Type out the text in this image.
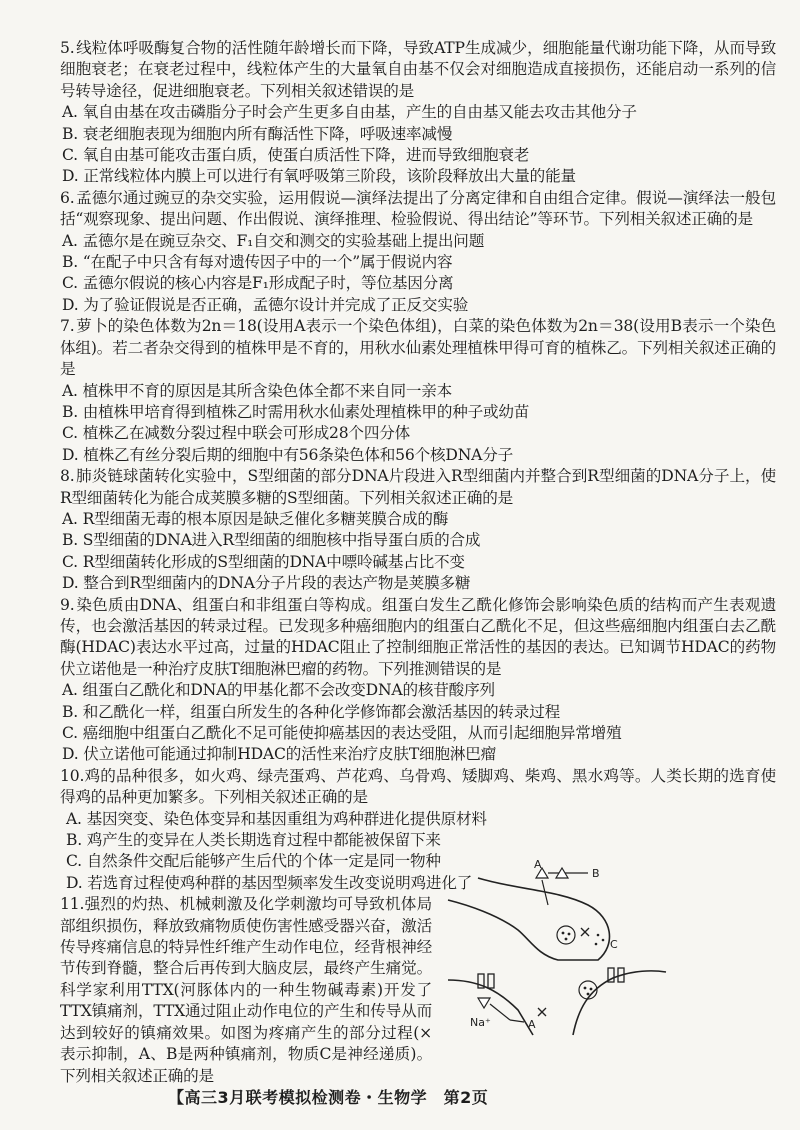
5.线粒体呼吸酶复合物的活性随年龄增长而下降，导致ATP生成减少，细胞能量代谢功能下降，从而导致细胞衰老；在衰老过程中，线粒体产生的大量氧自由基不仅会对细胞造成直接损伤，还能启动一系列的信号转导途径，促进细胞衰老。下列相关叙述错误的是

A. 氧自由基在攻击磷脂分子时会产生更多自由基，产生的自由基又能去攻击其他分子

B. 衰老细胞表现为细胞内所有酶活性下降，呼吸速率减慢

C. 氧自由基可能攻击蛋白质，使蛋白质活性下降，进而导致细胞衰老

D. 正常线粒体内膜上可以进行有氧呼吸第三阶段，该阶段释放出大量的能量

6.孟德尔通过豌豆的杂交实验，运用假说—演绎法提出了分离定律和自由组合定律。假说—演绎法一般包括“观察现象、提出问题、作出假说、演绎推理、检验假说、得出结论”等环节。下列相关叙述正确的是

A. 孟德尔是在豌豆杂交、F₁自交和测交的实验基础上提出问题

B. “在配子中只含有每对遗传因子中的一个”属于假说内容

C. 孟德尔假说的核心内容是F₁形成配子时，等位基因分离

D. 为了验证假说是否正确，孟德尔设计并完成了正反交实验

7.萝卜的染色体数为2n＝18(设用A表示一个染色体组)，白菜的染色体数为2n＝38(设用B表示一个染色体组)。若二者杂交得到的植株甲是不育的，用秋水仙素处理植株甲得可育的植株乙。下列相关叙述正确的是

A. 植株甲不育的原因是其所含染色体全都不来自同一亲本

B. 由植株甲培育得到植株乙时需用秋水仙素处理植株甲的种子或幼苗

C. 植株乙在减数分裂过程中联会可形成28个四分体

D. 植株乙有丝分裂后期的细胞中有56条染色体和56个核DNA分子

8.肺炎链球菌转化实验中，S型细菌的部分DNA片段进入R型细菌内并整合到R型细菌的DNA分子上，使R型细菌转化为能合成荚膜多糖的S型细菌。下列相关叙述正确的是

A. R型细菌无毒的根本原因是缺乏催化多糖荚膜合成的酶

B. S型细菌的DNA进入R型细菌的细胞核中指导蛋白质的合成

C. R型细菌转化形成的S型细菌的DNA中嘌呤碱基占比不变

D. 整合到R型细菌内的DNA分子片段的表达产物是荚膜多糖

9.染色质由DNA、组蛋白和非组蛋白等构成。组蛋白发生乙酰化修饰会影响染色质的结构而产生表观遗传，也会激活基因的转录过程。已发现多种癌细胞内的组蛋白乙酰化不足，但这些癌细胞内组蛋白去乙酰酶(HDAC)表达水平过高，过量的HDAC阻止了控制细胞正常活性的基因的表达。已知调节HDAC的药物伏立诺他是一种治疗皮肤T细胞淋巴瘤的药物。下列推测错误的是

A. 组蛋白乙酰化和DNA的甲基化都不会改变DNA的核苷酸序列

B. 和乙酰化一样，组蛋白所发生的各种化学修饰都会激活基因的转录过程

C. 癌细胞中组蛋白乙酰化不足可能使抑癌基因的表达受阻，从而引起细胞异常增殖

D. 伏立诺他可能通过抑制HDAC的活性来治疗皮肤T细胞淋巴瘤

10.鸡的品种很多，如火鸡、绿壳蛋鸡、芦花鸡、乌骨鸡、矮脚鸡、柴鸡、黑水鸡等。人类长期的选育使得鸡的品种更加繁多。下列相关叙述正确的是

A. 基因突变、染色体变异和基因重组为鸡种群进化提供原材料

B. 鸡产生的变异在人类长期选育过程中都能被保留下来

C. 自然条件交配后能够产生后代的个体一定是同一物种

D. 若选育过程使鸡种群的基因型频率发生改变说明鸡进化了

11.强烈的灼热、机械刺激及化学刺激均可导致机体局部组织损伤，释放致痛物质使伤害性感受器兴奋，激活传导疼痛信息的特异性纤维产生动作电位，经背根神经节传到脊髓，整合后再传到大脑皮层，最终产生痛觉。科学家利用TTX(河豚体内的一种生物碱毒素)开发了TTX镇痛剂，TTX通过阻止动作电位的产生和传导从而达到较好的镇痛效果。如图为疼痛产生的部分过程(×表示抑制，A、B是两种镇痛剂，物质C是神经递质)。下列相关叙述正确的是

A
B
C
Na⁺	A
【高三3月联考模拟检测卷・生物学　第2页
